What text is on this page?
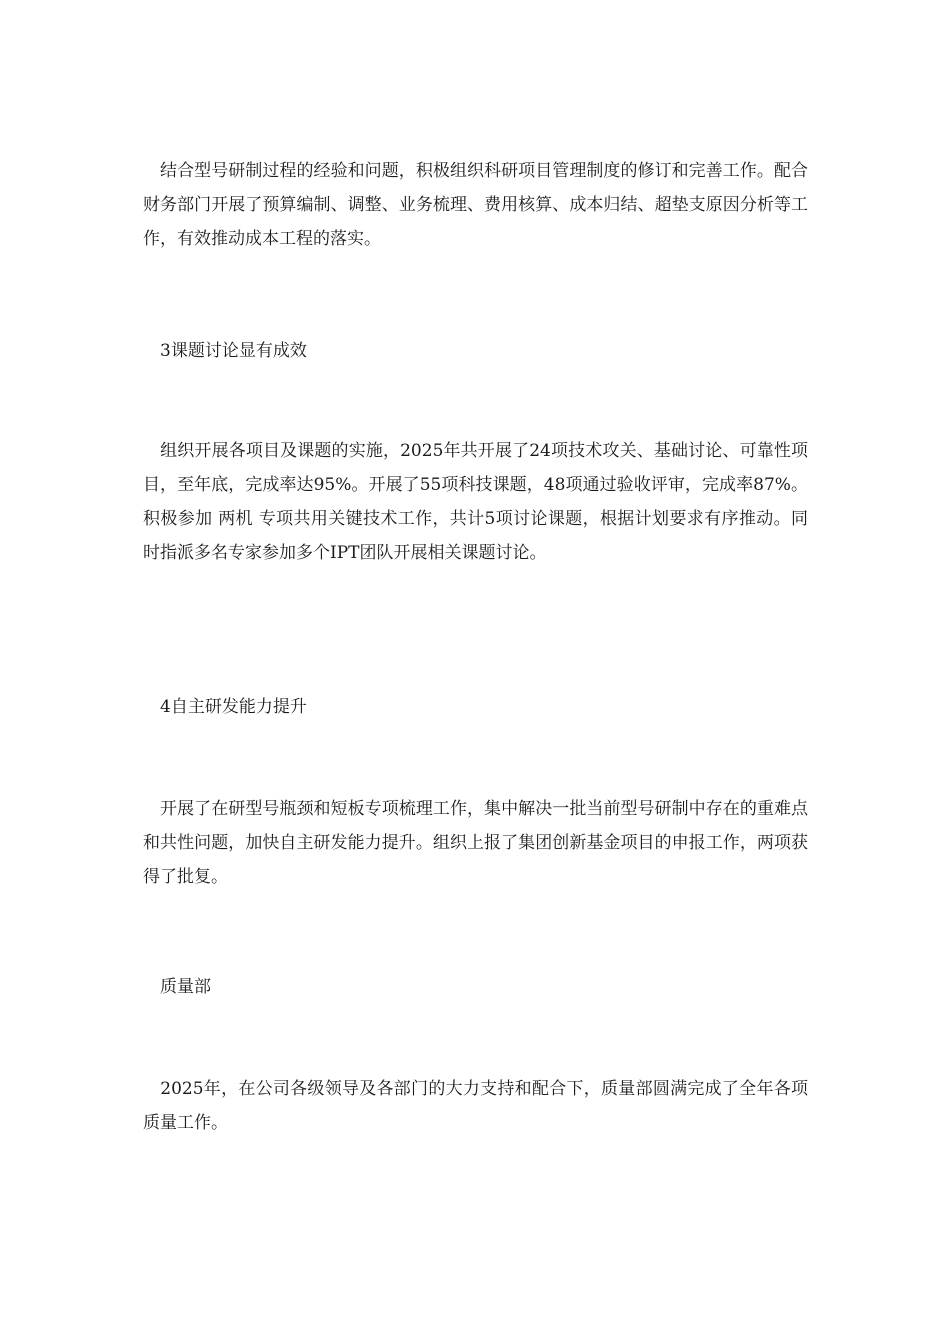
　结合型号研制过程的经验和问题，积极组织科研项目管理制度的修订和完善工作。配合财务部门开展了预算编制、调整、业务梳理、费用核算、成本归结、超垫支原因分析等工作，有效推动成本工程的落实。

　3课题讨论显有成效

　组织开展各项目及课题的实施，2025年共开展了24项技术攻关、基础讨论、可靠性项目，至年底，完成率达95%。开展了55项科技课题，48项通过验收评审，完成率87%。积极参加 两机 专项共用关键技术工作，共计5项讨论课题，根据计划要求有序推动。同时指派多名专家参加多个IPT团队开展相关课题讨论。

　4自主研发能力提升

　开展了在研型号瓶颈和短板专项梳理工作，集中解决一批当前型号研制中存在的重难点和共性问题，加快自主研发能力提升。组织上报了集团创新基金项目的申报工作，两项获得了批复。

　质量部

　2025年，在公司各级领导及各部门的大力支持和配合下，质量部圆满完成了全年各项质量工作。
